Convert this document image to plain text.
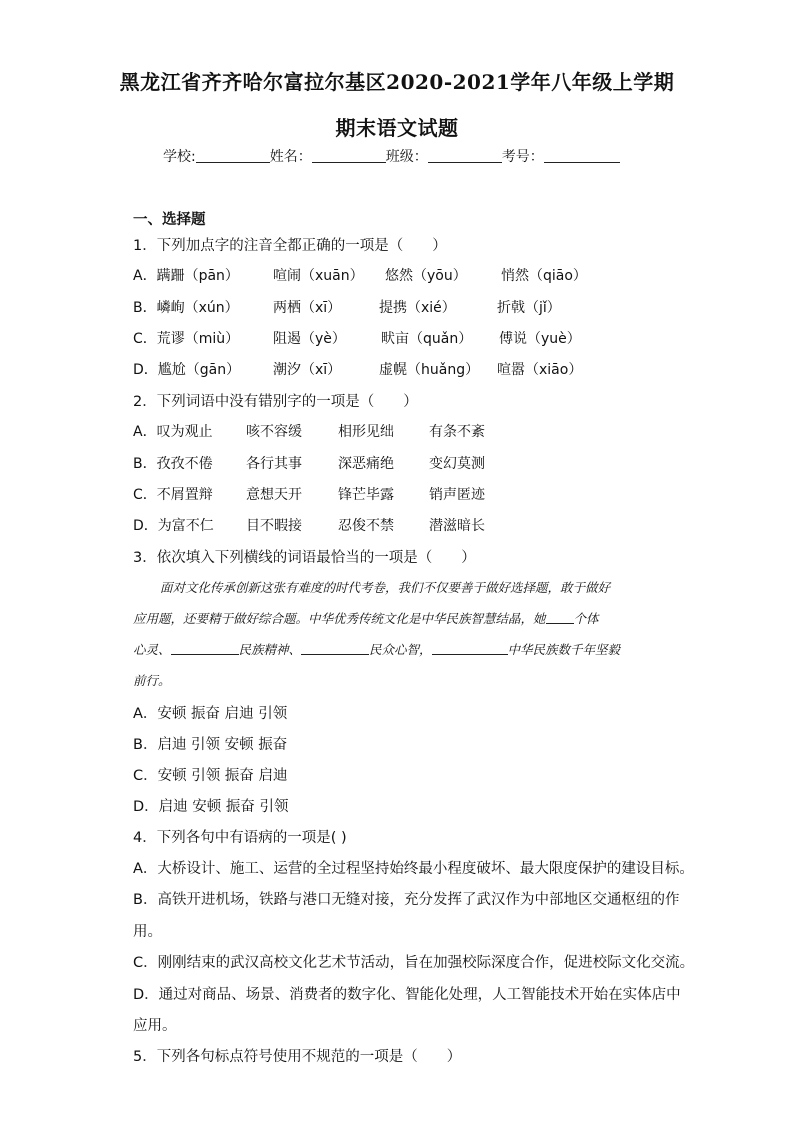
黑龙江省齐齐哈尔富拉尔基区2020-2021学年八年级上学期
期末语文试题
学校:	姓名：	班级：	考号：
一、选择题
1．下列加点字的注音全都正确的一项是（　　）
A．蹒跚（pān） 喧闹（xuān） 悠然（yōu） 悄然（qiāo）
B．嶙峋（xún） 两栖（xī）	提携（xié）	折戟（jǐ）
C．荒谬（miù） 阻遏（yè）	畎亩（quǎn） 傅说（yuè）
D．尴尬（gān） 潮汐（xī）	虚幌（huǎng） 喧嚣（xiāo）
2．下列词语中没有错别字的一项是（　　）
A．叹为观止 咳不容缓	相形见绌	有条不紊
B．孜孜不倦 各行其事	深恶痛绝	变幻莫测
C．不屑置辩 意想天开	锋芒毕露	销声匿迹
D．为富不仁 目不暇接	忍俊不禁	潜滋暗长
3．依次填入下列横线的词语最恰当的一项是（　　）
面对文化传承创新这张有难度的时代考卷，我们不仅要善于做好选择题，敢于做好
应用题，还要精于做好综合题。中华优秀传统文化是中华民族智慧结晶，她 个体
心灵、	民族精神、	民众心智，	中华民族数千年坚毅
前行。
A．安顿 振奋 启迪 引领
B．启迪 引领 安顿 振奋
C．安顿 引领 振奋 启迪
D．启迪 安顿 振奋 引领
4．下列各句中有语病的一项是( )
A．大桥设计、施工、运营的全过程坚持始终最小程度破坏、最大限度保护的建设目标。
B．高铁开进机场，铁路与港口无缝对接，充分发挥了武汉作为中部地区交通枢纽的作
用。
C．刚刚结束的武汉高校文化艺术节活动，旨在加强校际深度合作，促进校际文化交流。
D．通过对商品、场景、消费者的数字化、智能化处理，人工智能技术开始在实体店中
应用。
5．下列各句标点符号使用不规范的一项是（　　）
